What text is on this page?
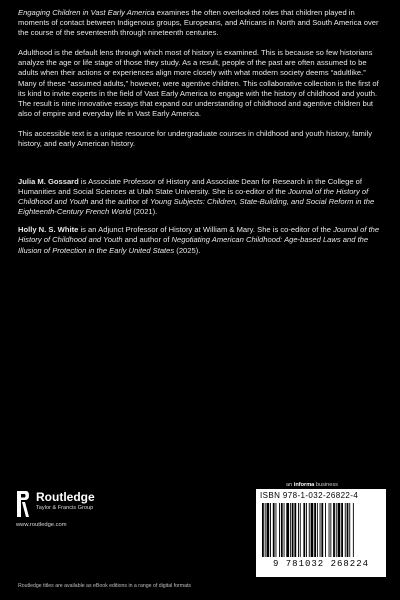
Engaging Children in Vast Early America examines the often overlooked roles that children played in moments of contact between Indigenous groups, Europeans, and Africans in North and South America over the course of the seventeenth through nineteenth centuries.

Adulthood is the default lens through which most of history is examined. This is because so few historians analyze the age or life stage of those they study. As a result, people of the past are often assumed to be adults when their actions or experiences align more closely with what modern society deems “adultlike.” Many of these “assumed adults,” however, were agentive children. This collaborative collection is the first of its kind to invite experts in the field of Vast Early America to engage with the history of childhood and youth. The result is nine innovative essays that expand our understanding of childhood and agentive children but also of empire and everyday life in Vast Early America.

This accessible text is a unique resource for undergraduate courses in childhood and youth history, family history, and early American history.

Julia M. Gossard is Associate Professor of History and Associate Dean for Research in the College of Humanities and Social Sciences at Utah State University. She is co-editor of the Journal of the History of Childhood and Youth and the author of Young Subjects: Children, State-Building, and Social Reform in the Eighteenth-Century French World (2021).

Holly N. S. White is an Adjunct Professor of History at William & Mary. She is co-editor of the Journal of the History of Childhood and Youth and author of Negotiating American Childhood: Age-based Laws and the Illusion of Protection in the Early United States (2025).

an informa business
Routledge
Taylor & Francis Group
www.routledge.com
ISBN 978-1-032-26822-4
9 781032 268224
Routledge titles are available as eBook editions in a range of digital formats
